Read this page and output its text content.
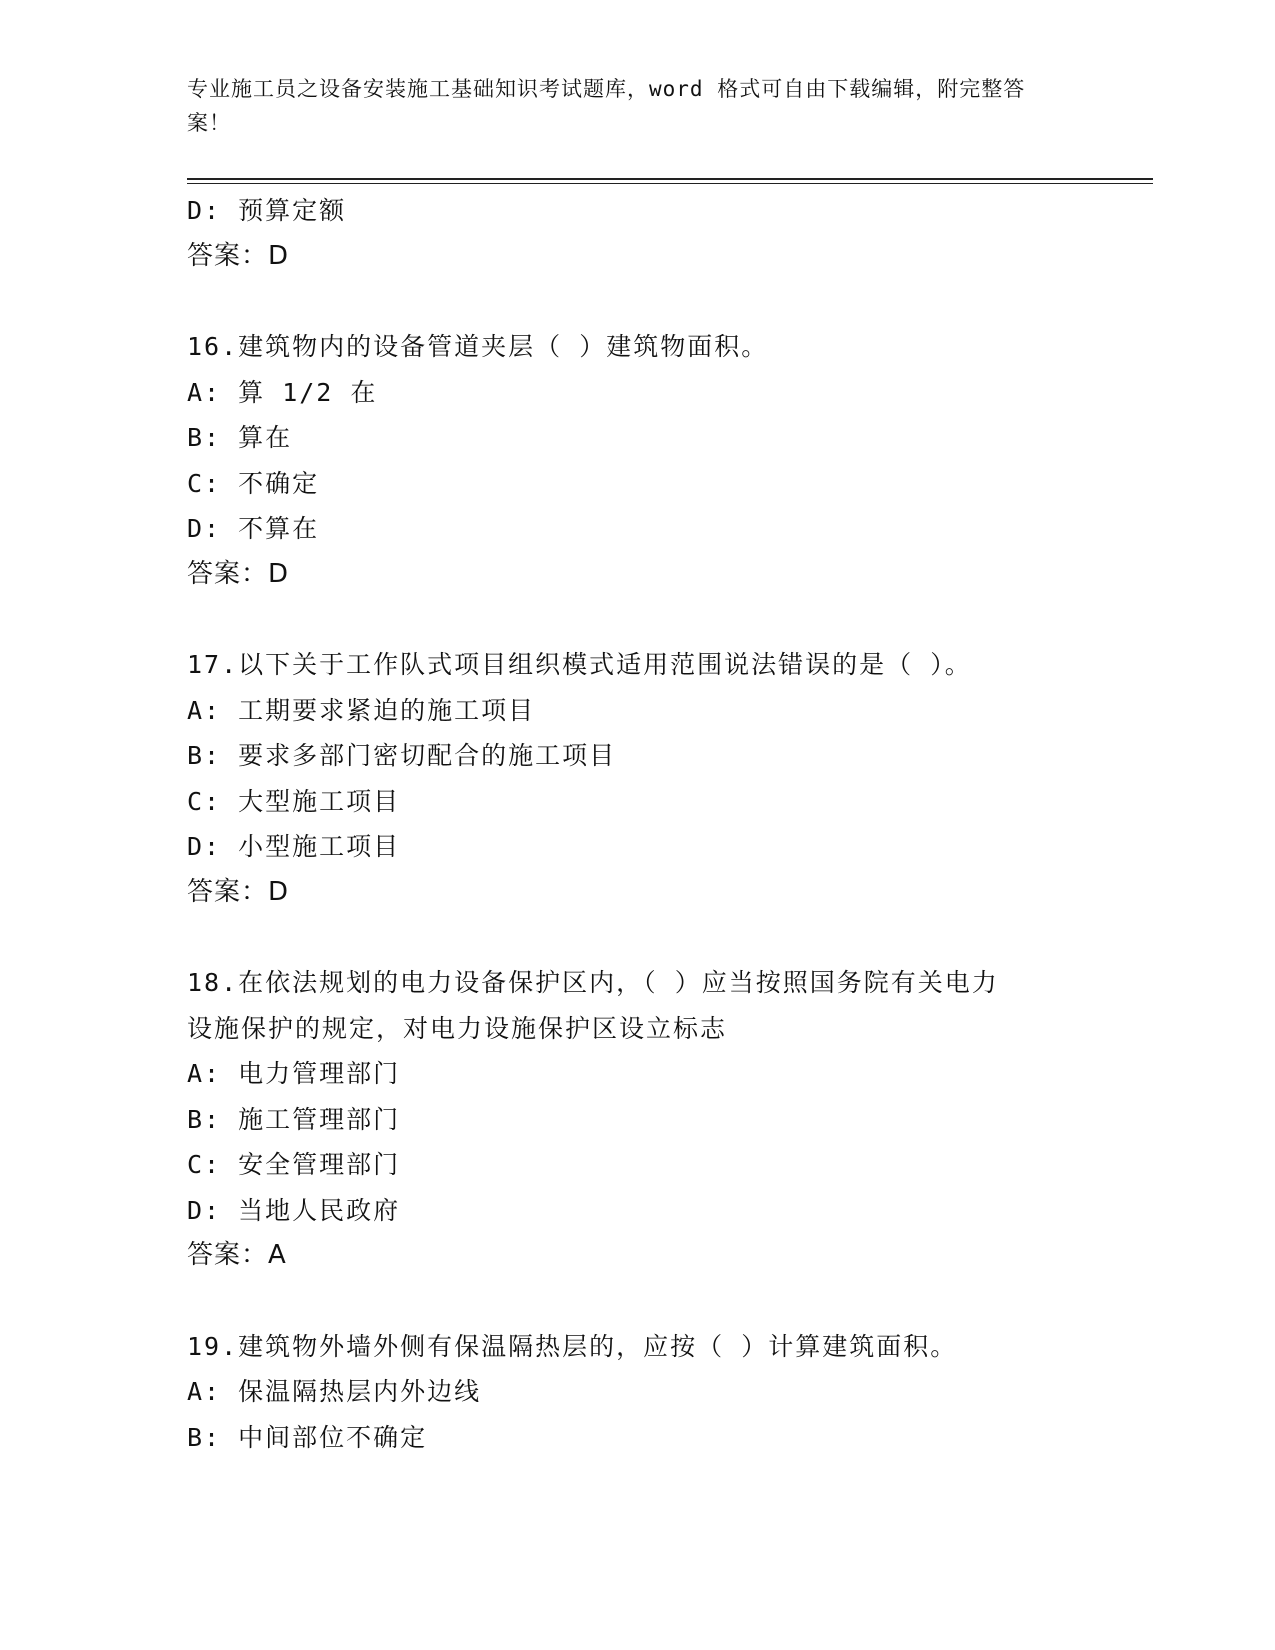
专业施工员之设备安装施工基础知识考试题库，word 格式可自由下载编辑，附完整答案！
D: 预算定额
答案：D
16.建筑物内的设备管道夹层（ ）建筑物面积。
A: 算 1/2 在
B: 算在
C: 不确定
D: 不算在
答案：D
17.以下关于工作队式项目组织模式适用范围说法错误的是（ ）。
A: 工期要求紧迫的施工项目
B: 要求多部门密切配合的施工项目
C: 大型施工项目
D: 小型施工项目
答案：D
18.在依法规划的电力设备保护区内，（ ）应当按照国务院有关电力
设施保护的规定，对电力设施保护区设立标志
A: 电力管理部门
B: 施工管理部门
C: 安全管理部门
D: 当地人民政府
答案：A
19.建筑物外墙外侧有保温隔热层的，应按（ ）计算建筑面积。
A: 保温隔热层内外边线
B: 中间部位不确定
